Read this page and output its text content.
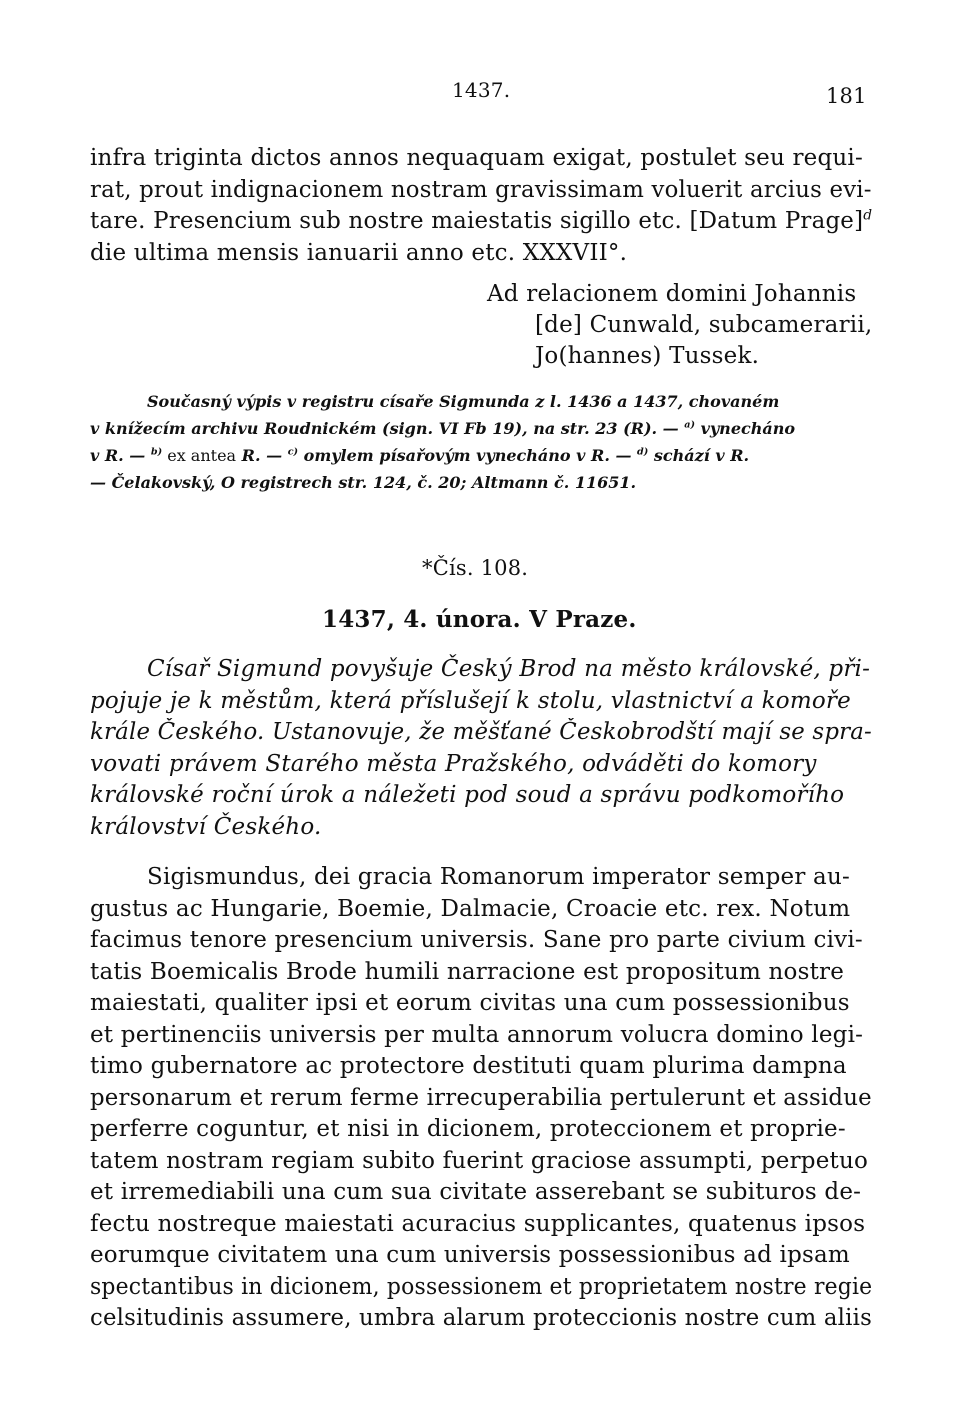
1437.	181
infra triginta dictos annos nequaquam exigat, postulet seu requi-
rat, prout indignacionem nostram gravissimam voluerit arcius evi-
tare. Presencium sub nostre maiestatis sigillo etc. [Datum Prage]$^d$
die ultima mensis ianuarii anno etc. XXXVII°.
Ad relacionem domini Johannis
[de] Cunwald, subcamerarii,
Jo(hannes) Tussek.
Současný výpis v registru císaře Sigmunda z l. 1436 a 1437, chovaném
v knížecím archivu Roudnickém (sign. VI Fb 19), na str. 23 (R). — $^{a)}$ vynecháno
v R. — $^{b)}$ ex antea R. — $^{c)}$ omylem písařovým vynecháno v R. — $^{d)}$ schází v R.
— Čelakovský, O registrech str. 124, č. 20; Altmann č. 11651.
*Čís. 108.
1437, 4. února. V Praze.
Císař Sigmund povyšuje Český Brod na město královské, při-
pojuje je k městům, která příslušejí k stolu, vlastnictví a komoře
krále Českého. Ustanovuje, že měšťané Českobrodští mají se spra-
vovati právem Starého města Pražského, odváděti do komory
královské roční úrok a náležeti pod soud a správu podkomořího
království Českého.
Sigismundus, dei gracia Romanorum imperator semper au-
gustus ac Hungarie, Boemie, Dalmacie, Croacie etc. rex. Notum
facimus tenore presencium universis. Sane pro parte civium civi-
tatis Boemicalis Brode humili narracione est propositum nostre
maiestati, qualiter ipsi et eorum civitas una cum possessionibus
et pertinenciis universis per multa annorum volucra domino legi-
timo gubernatore ac protectore destituti quam plurima dampna
personarum et rerum ferme irrecuperabilia pertulerunt et assidue
perferre coguntur, et nisi in dicionem, proteccionem et proprie-
tatem nostram regiam subito fuerint graciose assumpti, perpetuo
et irremediabili una cum sua civitate asserebant se subituros de-
fectu nostreque maiestati acuracius supplicantes, quatenus ipsos
eorumque civitatem una cum universis possessionibus ad ipsam
spectantibus in dicionem, possessionem et proprietatem nostre regie
celsitudinis assumere, umbra alarum proteccionis nostre cum aliis
